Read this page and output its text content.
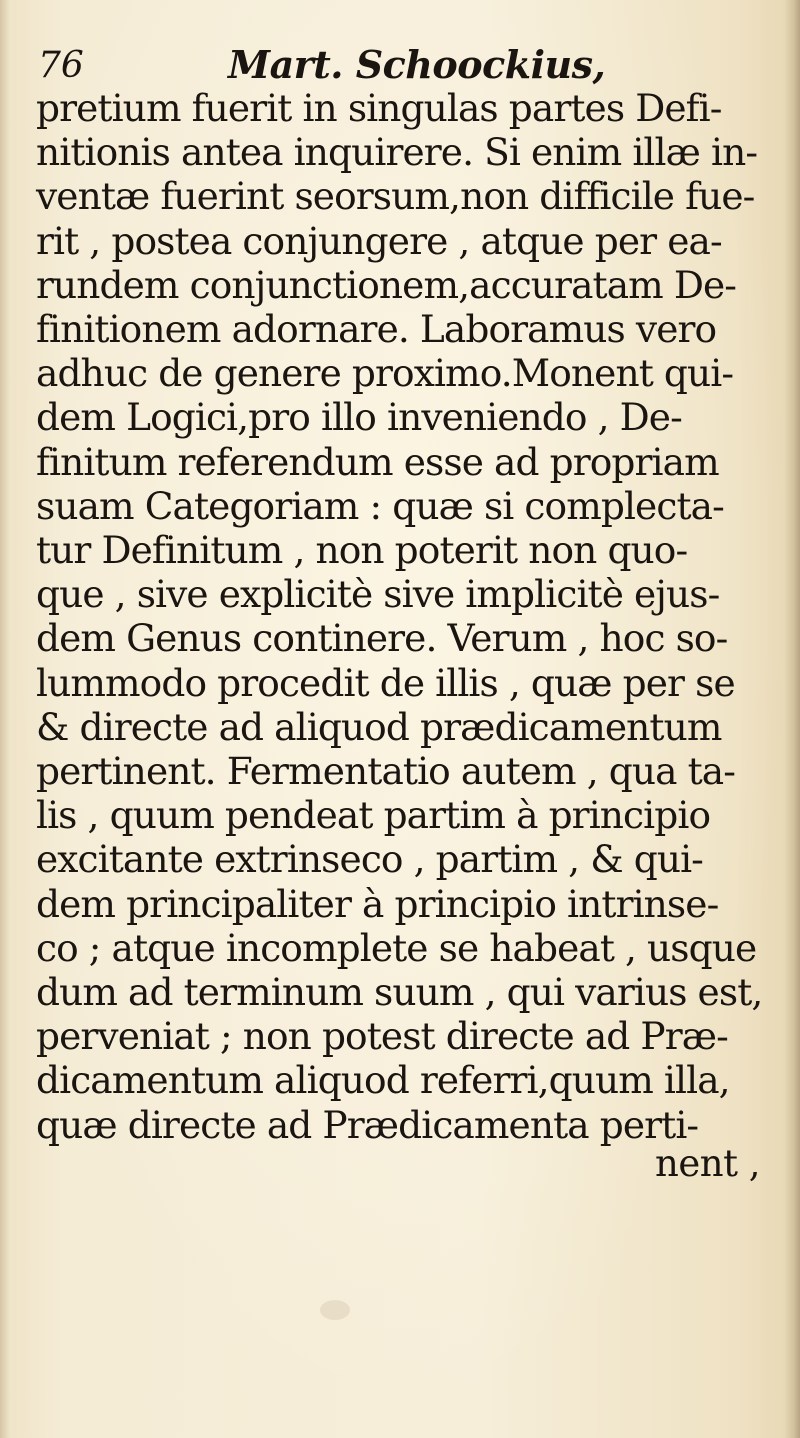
76	Mart. Schoockius,
pretium fuerit in singulas partes Defi-
nitionis antea inquirere. Si enim illæ in-
ventæ fuerint seorsum,non difficile fue-
rit , postea conjungere , atque per ea-
rundem conjunctionem,accuratam De-
finitionem adornare. Laboramus vero
adhuc de genere proximo.Monent qui-
dem Logici,pro illo inveniendo , De-
finitum referendum esse ad propriam
suam Categoriam : quæ si complecta-
tur Definitum , non poterit non quo-
que , sive explicitè sive implicitè ejus-
dem Genus continere. Verum , hoc so-
lummodo procedit de illis , quæ per se
& directe ad aliquod prædicamentum
pertinent. Fermentatio autem , qua ta-
lis , quum pendeat partim à principio
excitante extrinseco , partim , & qui-
dem principaliter à principio intrinse-
co ; atque incomplete se habeat , usque
dum ad terminum suum , qui varius est,
perveniat ; non potest directe ad Præ-
dicamentum aliquod referri,quum illa,
quæ directe ad Prædicamenta perti-
nent ,
